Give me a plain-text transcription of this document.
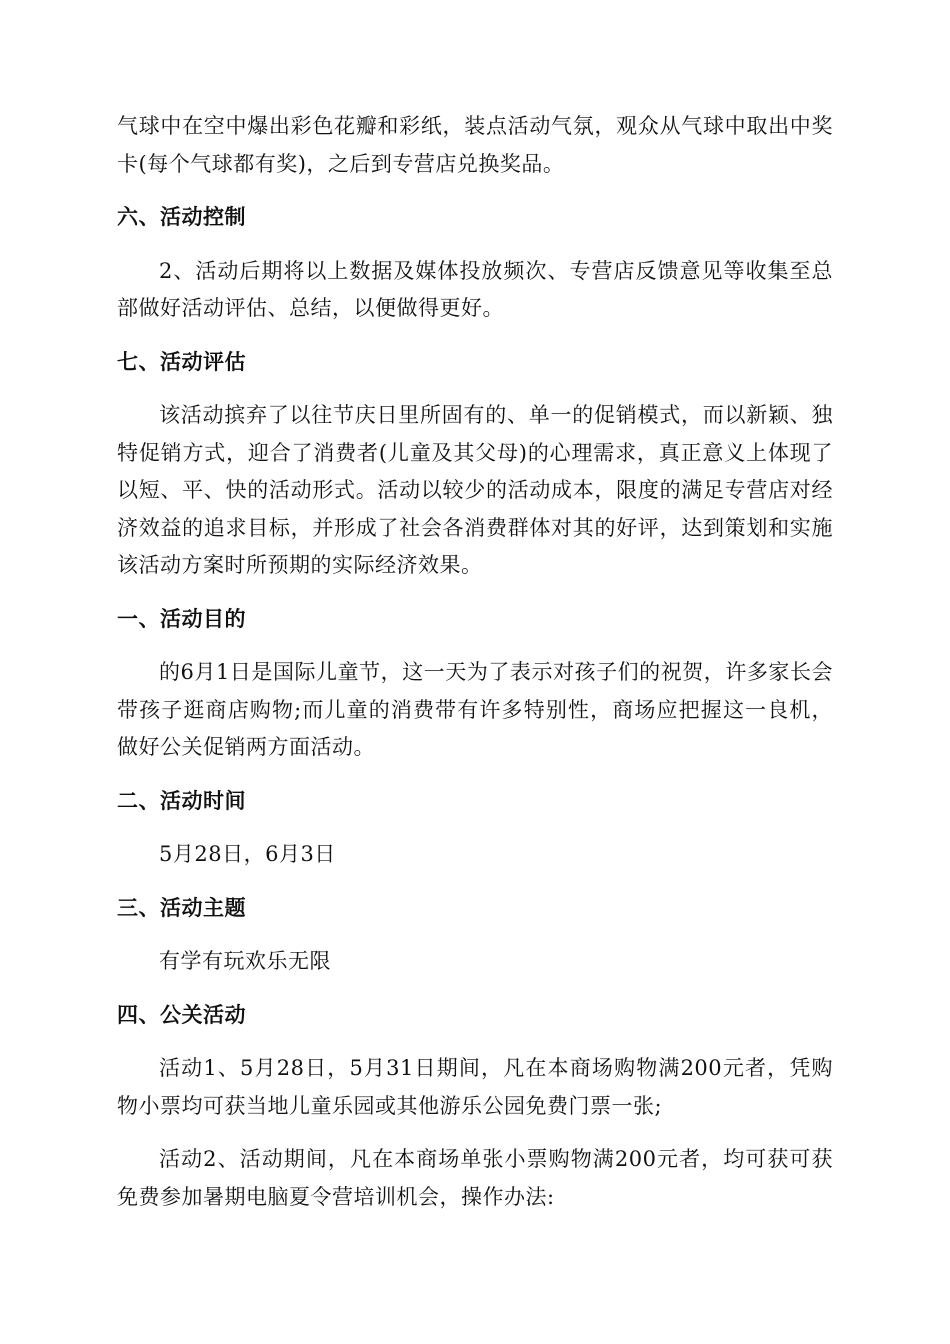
气球中在空中爆出彩色花瓣和彩纸，装点活动气氛，观众从气球中取出中奖卡(每个气球都有奖)，之后到专营店兑换奖品。

六、活动控制

2、活动后期将以上数据及媒体投放频次、专营店反馈意见等收集至总部做好活动评估、总结，以便做得更好。

七、活动评估

该活动摈弃了以往节庆日里所固有的、单一的促销模式，而以新颖、独特促销方式，迎合了消费者(儿童及其父母)的心理需求，真正意义上体现了以短、平、快的活动形式。活动以较少的活动成本，限度的满足专营店对经济效益的追求目标，并形成了社会各消费群体对其的好评，达到策划和实施该活动方案时所预期的实际经济效果。

一、活动目的

的6月1日是国际儿童节，这一天为了表示对孩子们的祝贺，许多家长会带孩子逛商店购物;而儿童的消费带有许多特别性，商场应把握这一良机，做好公关促销两方面活动。

二、活动时间

5月28日，6月3日

三、活动主题

有学有玩欢乐无限

四、公关活动

活动1、5月28日，5月31日期间，凡在本商场购物满200元者，凭购物小票均可获当地儿童乐园或其他游乐公园免费门票一张;

活动2、活动期间，凡在本商场单张小票购物满200元者，均可获可获免费参加暑期电脑夏令营培训机会，操作办法:
